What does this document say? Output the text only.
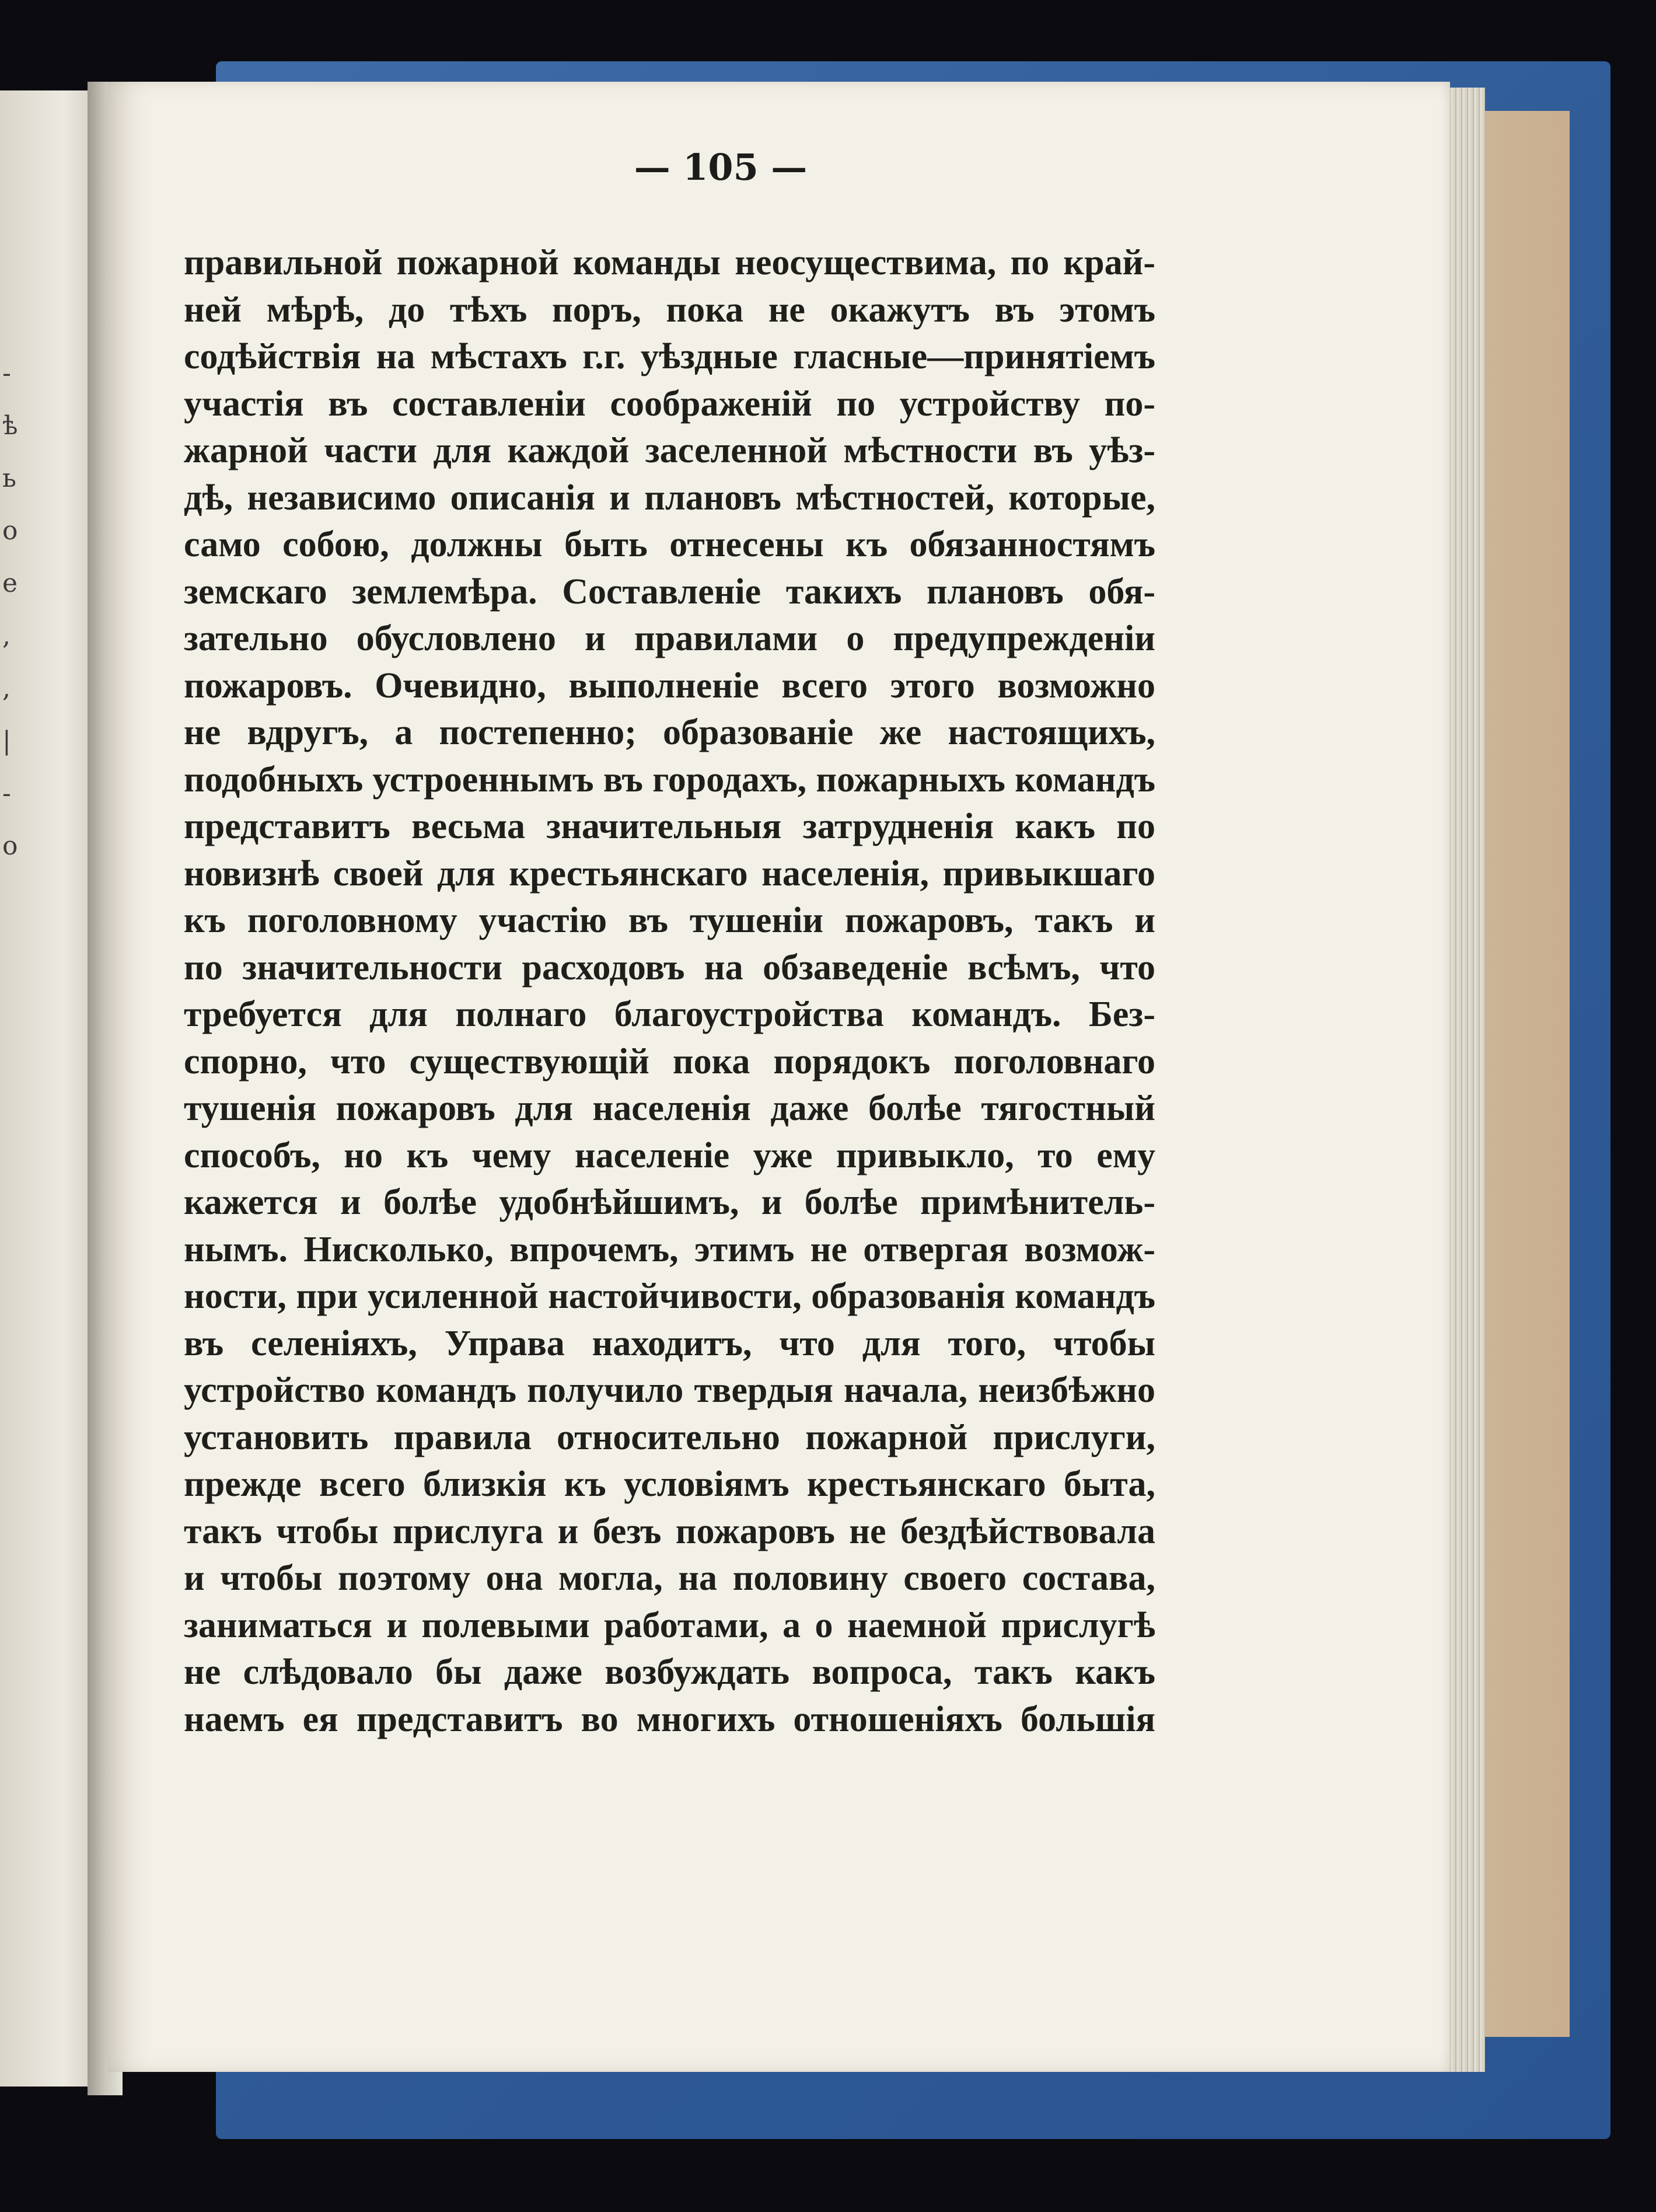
-
ѣ
ь
о
е
,
,
|
-
о
— 105 —
правильной пожарной команды неосуществима, по край-
ней мѣрѣ, до тѣхъ поръ, пока не окажутъ въ этомъ
содѣйствія на мѣстахъ г.г. уѣздные гласные—принятіемъ
участія въ составленіи соображеній по устройству по-
жарной части для каждой заселенной мѣстности въ уѣз-
дѣ, независимо описанія и плановъ мѣстностей, которые,
само собою, должны быть отнесены къ обязанностямъ
земскаго землемѣра. Составленіе такихъ плановъ обя-
зательно обусловлено и правилами о предупрежденіи
пожаровъ. Очевидно, выполненіе всего этого возможно
не вдругъ, а постепенно; образованіе же настоящихъ,
подобныхъ устроеннымъ въ городахъ, пожарныхъ командъ
представитъ весьма значительныя затрудненія какъ по
новизнѣ своей для крестьянскаго населенія, привыкшаго
къ поголовному участію въ тушеніи пожаровъ, такъ и
по значительности расходовъ на обзаведеніе всѣмъ, что
требуется для полнаго благоустройства командъ. Без-
спорно, что существующій пока порядокъ поголовнаго
тушенія пожаровъ для населенія даже болѣе тягостный
способъ, но къ чему населеніе уже привыкло, то ему
кажется и болѣе удобнѣйшимъ, и болѣе примѣнитель-
нымъ. Нисколько, впрочемъ, этимъ не отвергая возмож-
ности, при усиленной настойчивости, образованія командъ
въ селеніяхъ, Управа находитъ, что для того, чтобы
устройство командъ получило твердыя начала, неизбѣжно
установить правила относительно пожарной прислуги,
прежде всего близкія къ условіямъ крестьянскаго быта,
такъ чтобы прислуга и безъ пожаровъ не бездѣйствовала
и чтобы поэтому она могла, на половину своего состава,
заниматься и полевыми работами, а о наемной прислугѣ
не слѣдовало бы даже возбуждать вопроса, такъ какъ
наемъ ея представитъ во многихъ отношеніяхъ большія
